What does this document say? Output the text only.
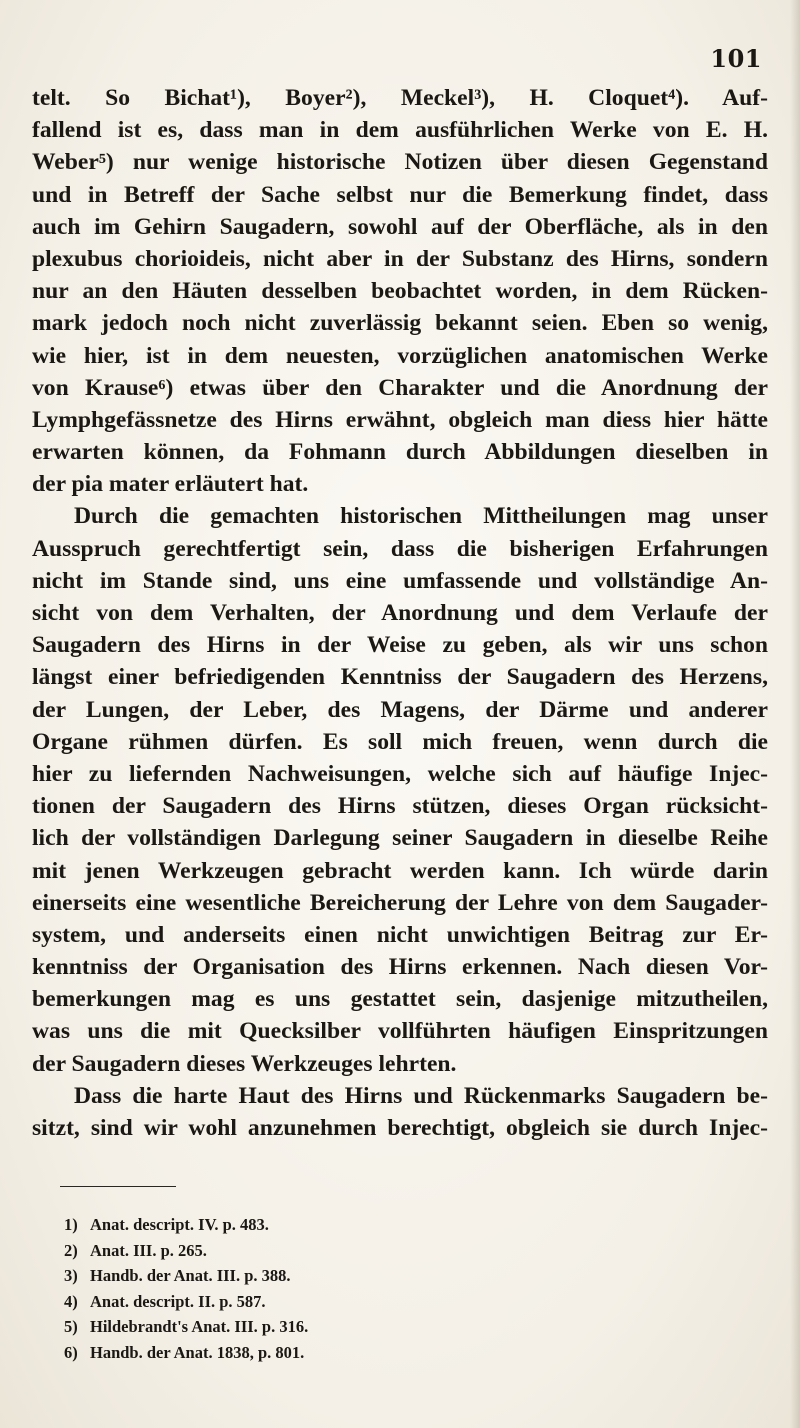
101
telt. So Bichat¹), Boyer²), Meckel³), H. Cloquet⁴). Auf-
fallend ist es, dass man in dem ausführlichen Werke von E. H.
Weber⁵) nur wenige historische Notizen über diesen Gegenstand
und in Betreff der Sache selbst nur die Bemerkung findet, dass
auch im Gehirn Saugadern, sowohl auf der Oberfläche, als in den
plexubus chorioideis, nicht aber in der Substanz des Hirns, sondern
nur an den Häuten desselben beobachtet worden, in dem Rücken-
mark jedoch noch nicht zuverlässig bekannt seien. Eben so wenig,
wie hier, ist in dem neuesten, vorzüglichen anatomischen Werke
von Krause⁶) etwas über den Charakter und die Anordnung der
Lymphgefässnetze des Hirns erwähnt, obgleich man diess hier hätte
erwarten können, da Fohmann durch Abbildungen dieselben in
der pia mater erläutert hat.
Durch die gemachten historischen Mittheilungen mag unser
Ausspruch gerechtfertigt sein, dass die bisherigen Erfahrungen
nicht im Stande sind, uns eine umfassende und vollständige An-
sicht von dem Verhalten, der Anordnung und dem Verlaufe der
Saugadern des Hirns in der Weise zu geben, als wir uns schon
längst einer befriedigenden Kenntniss der Saugadern des Herzens,
der Lungen, der Leber, des Magens, der Därme und anderer
Organe rühmen dürfen. Es soll mich freuen, wenn durch die
hier zu liefernden Nachweisungen, welche sich auf häufige Injec-
tionen der Saugadern des Hirns stützen, dieses Organ rücksicht-
lich der vollständigen Darlegung seiner Saugadern in dieselbe Reihe
mit jenen Werkzeugen gebracht werden kann. Ich würde darin
einerseits eine wesentliche Bereicherung der Lehre von dem Saugader-
system, und anderseits einen nicht unwichtigen Beitrag zur Er-
kenntniss der Organisation des Hirns erkennen. Nach diesen Vor-
bemerkungen mag es uns gestattet sein, dasjenige mitzutheilen,
was uns die mit Quecksilber vollführten häufigen Einspritzungen
der Saugadern dieses Werkzeuges lehrten.
Dass die harte Haut des Hirns und Rückenmarks Saugadern be-
sitzt, sind wir wohl anzunehmen berechtigt, obgleich sie durch Injec-
1) Anat. descript. IV. p. 483.
2) Anat. III. p. 265.
3) Handb. der Anat. III. p. 388.
4) Anat. descript. II. p. 587.
5) Hildebrandt's Anat. III. p. 316.
6) Handb. der Anat. 1838, p. 801.
